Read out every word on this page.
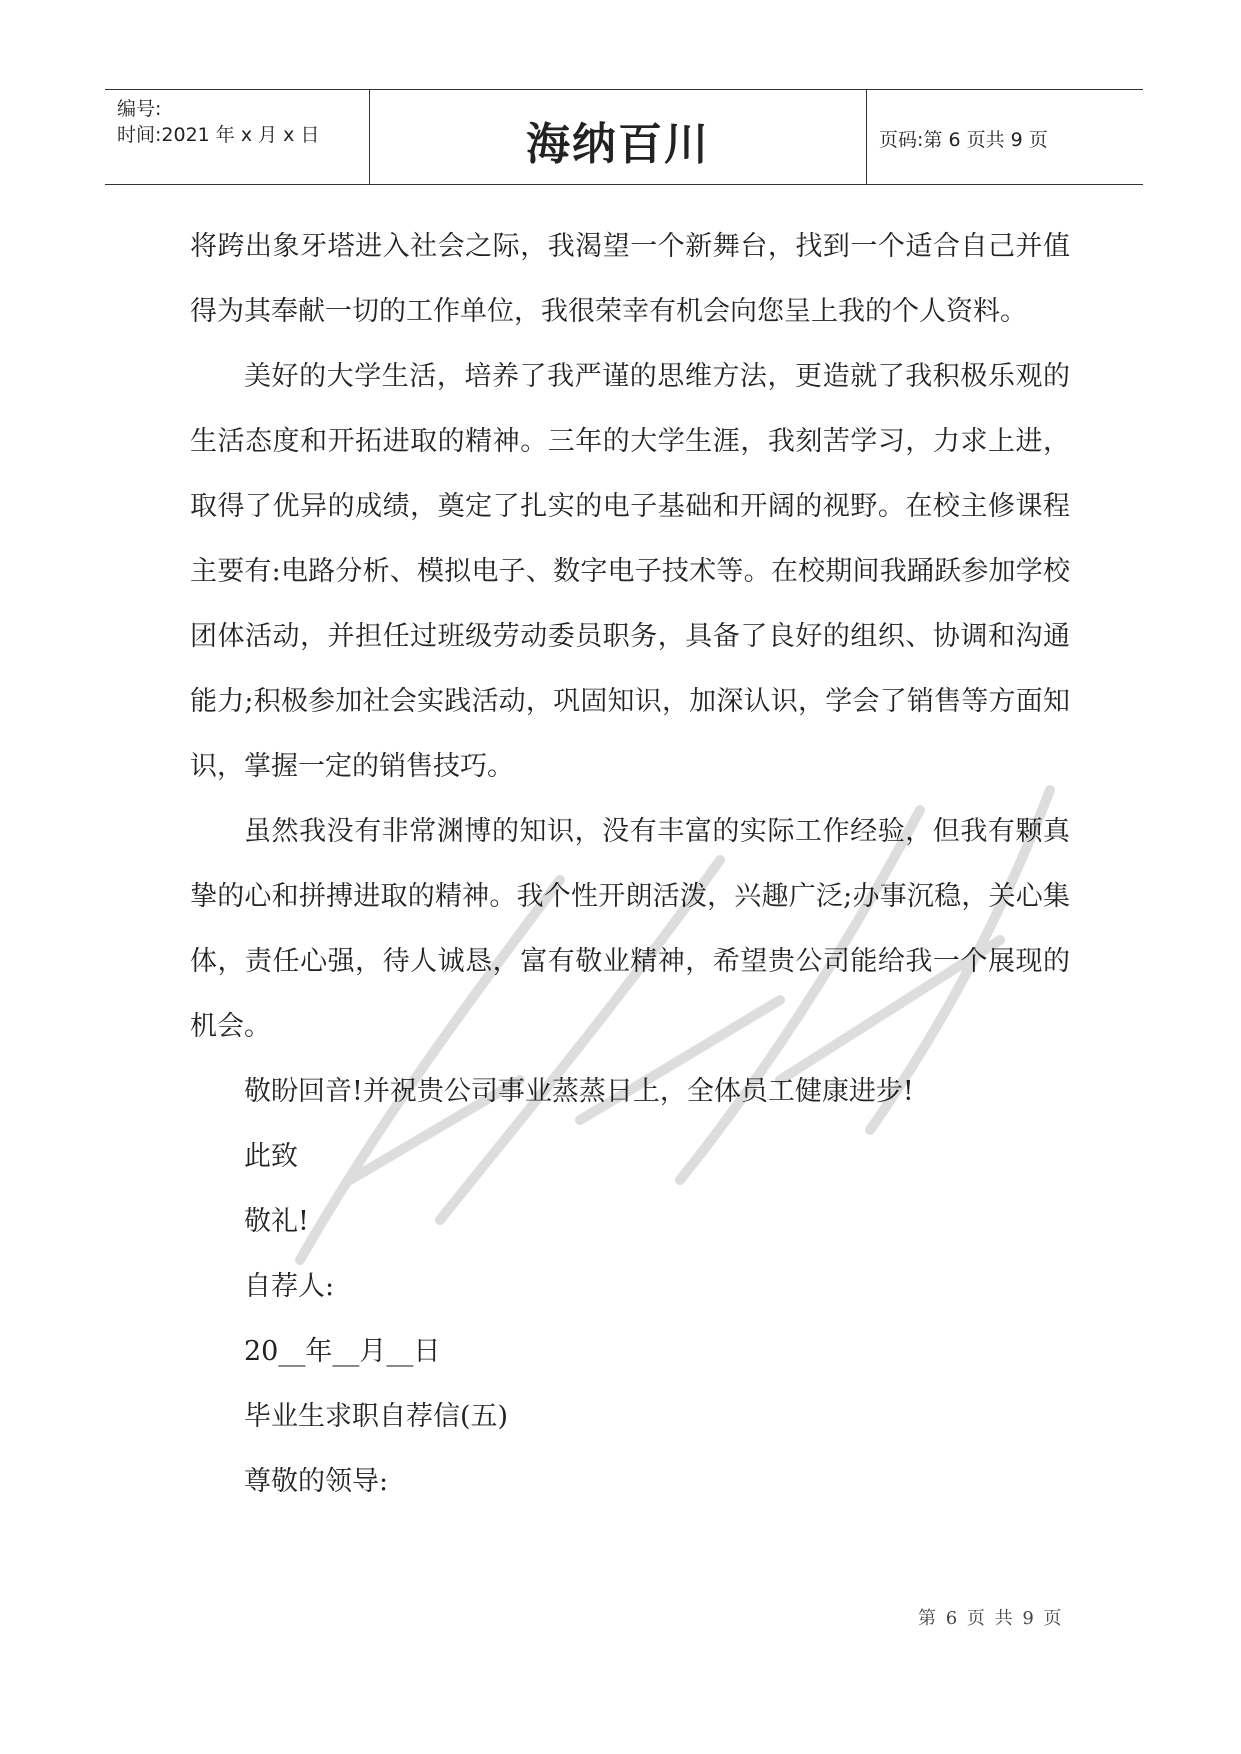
编号:
时间:2021 年 x 月 x 日	海纳百川	页码:第 6 页共 9 页

将跨出象牙塔进入社会之际，我渴望一个新舞台，找到一个适合自己并值得为其奉献一切的工作单位，我很荣幸有机会向您呈上我的个人资料。

美好的大学生活，培养了我严谨的思维方法，更造就了我积极乐观的生活态度和开拓进取的精神。三年的大学生涯，我刻苦学习，力求上进，取得了优异的成绩，奠定了扎实的电子基础和开阔的视野。在校主修课程主要有:电路分析、模拟电子、数字电子技术等。在校期间我踊跃参加学校团体活动，并担任过班级劳动委员职务，具备了良好的组织、协调和沟通能力;积极参加社会实践活动，巩固知识，加深认识，学会了销售等方面知识，掌握一定的销售技巧。

虽然我没有非常渊博的知识，没有丰富的实际工作经验，但我有颗真挚的心和拼搏进取的精神。我个性开朗活泼，兴趣广泛;办事沉稳，关心集体，责任心强，待人诚恳，富有敬业精神，希望贵公司能给我一个展现的机会。

敬盼回音!并祝贵公司事业蒸蒸日上，全体员工健康进步!

此致

敬礼!

自荐人:

20__年__月__日

毕业生求职自荐信(五)

尊敬的领导:

第 6 页 共 9 页
